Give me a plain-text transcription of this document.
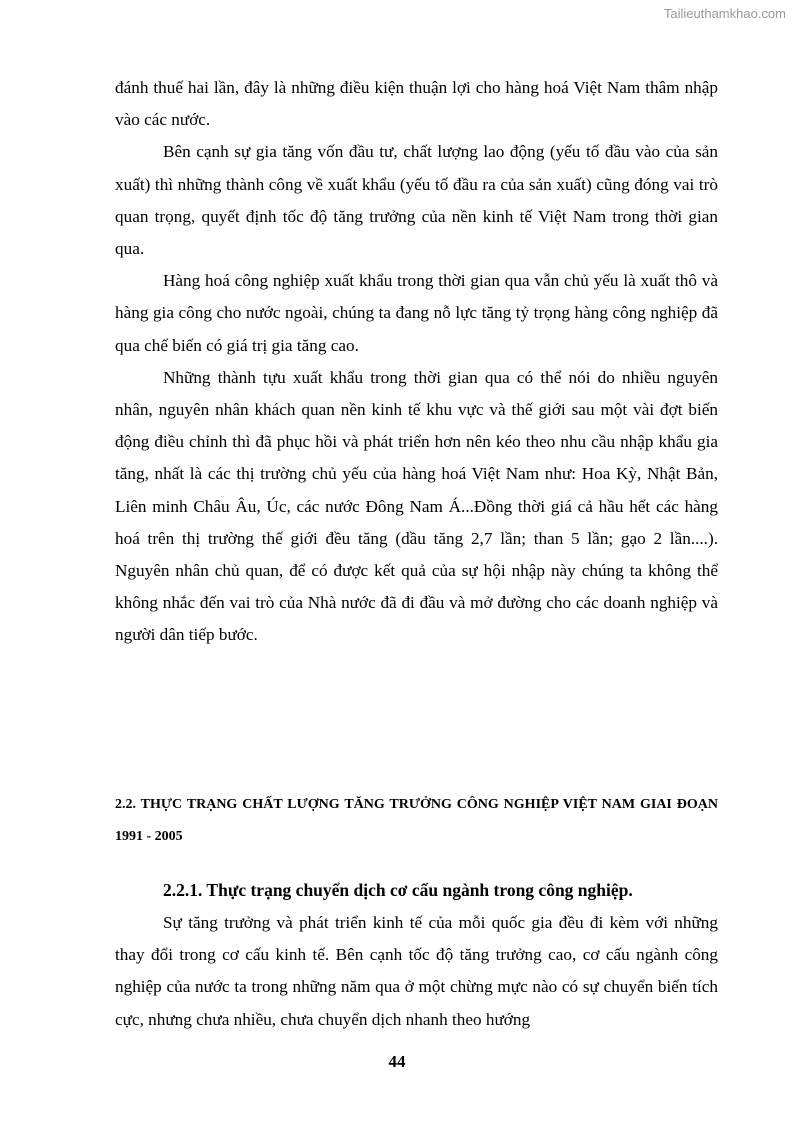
Tailieuthamkhao.com

đánh thuế hai lần, đây là những điều kiện thuận lợi cho hàng hoá Việt Nam thâm nhập vào các nước.

Bên cạnh sự gia tăng vốn đầu tư, chất lượng lao động (yếu tố đầu vào của sản xuất) thì những thành công về xuất khẩu (yếu tố đầu ra của sản xuất) cũng đóng vai trò quan trọng, quyết định tốc độ tăng trưởng của nền kinh tế Việt Nam trong thời gian qua.

Hàng hoá công nghiệp xuất khẩu trong thời gian qua vẫn chủ yếu là xuất thô và hàng gia công cho nước ngoài, chúng ta đang nỗ lực tăng tỷ trọng hàng công nghiệp đã qua chế biến có giá trị gia tăng cao.

Những thành tựu xuất khẩu trong thời gian qua có thể nói do nhiều nguyên nhân, nguyên nhân khách quan nền kinh tế khu vực và thế giới sau một vài đợt biến động điều chỉnh thì đã phục hồi và phát triển hơn nên kéo theo nhu cầu nhập khẩu gia tăng, nhất là các thị trường chủ yếu của hàng hoá Việt Nam như: Hoa Kỳ, Nhật Bản, Liên minh Châu Âu, Úc, các nước Đông Nam Á...Đồng thời giá cả hầu hết các hàng hoá trên thị trường thế giới đều tăng (dầu tăng 2,7 lần; than 5 lần; gạo 2 lần....). Nguyên nhân chủ quan, để có được kết quả của sự hội nhập này chúng ta không thể không nhắc đến vai trò của Nhà nước đã đi đầu và mở đường cho các doanh nghiệp và người dân tiếp bước.

2.2. THỰC TRẠNG CHẤT LƯỢNG TĂNG TRƯỞNG CÔNG NGHIỆP VIỆT NAM GIAI ĐOẠN 1991 - 2005
2.2.1. Thực trạng chuyển dịch cơ cấu ngành trong công nghiệp.

Sự tăng trưởng và phát triển kinh tế của mỗi quốc gia đều đi kèm với những thay đổi trong cơ cấu kinh tế. Bên cạnh tốc độ tăng trưởng cao, cơ cấu ngành công nghiệp của nước ta trong những năm qua ở một chừng mực nào có sự chuyển biến tích cực, nhưng chưa nhiều, chưa chuyển dịch nhanh theo hướng

44
